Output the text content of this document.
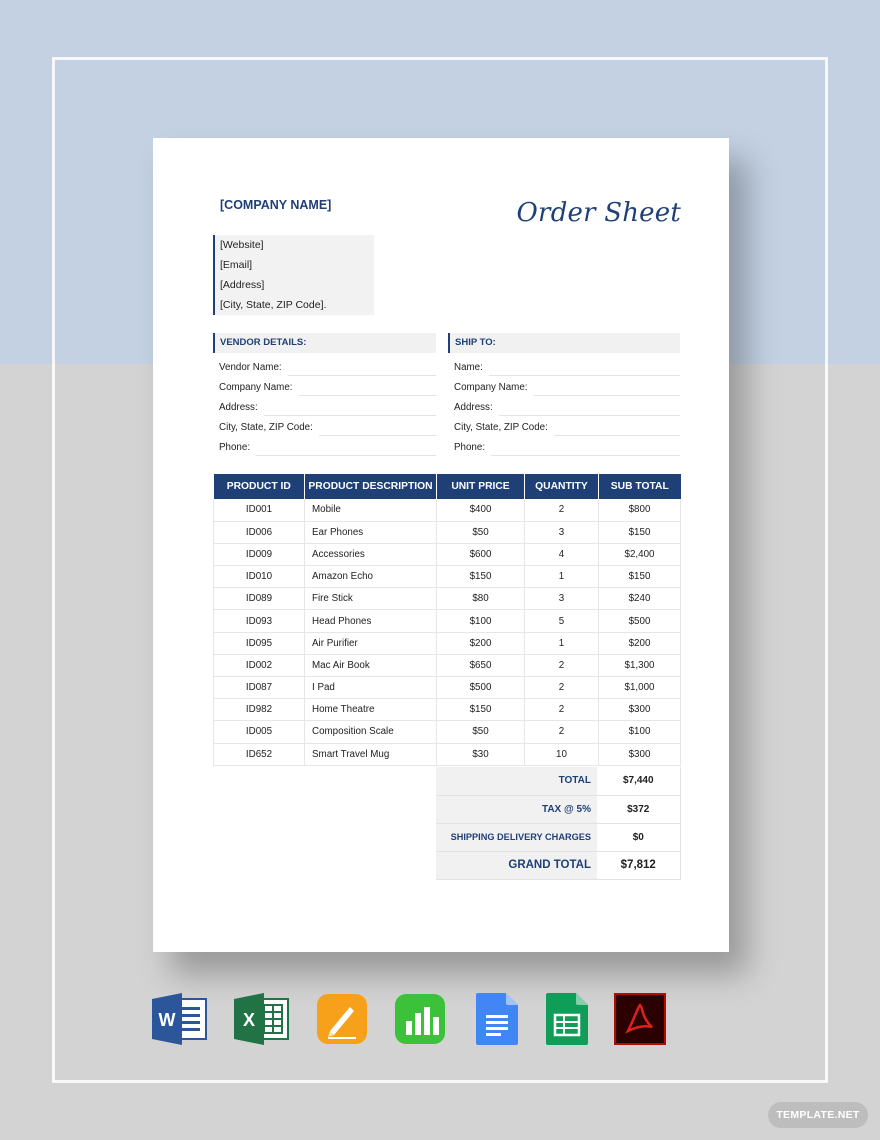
[COMPANY NAME]	Order Sheet
[Website]
[Email]
[Address]
[City, State, ZIP Code].
VENDOR DETAILS:
Vendor Name:
Company Name:
Address:
City, State, ZIP Code:
Phone:
SHIP TO:
Name:
Company Name:
Address:
City, State, ZIP Code:
Phone:
PRODUCT ID	PRODUCT DESCRIPTION	UNIT PRICE	QUANTITY	SUB TOTAL
ID001	Mobile	$400	2	$800
ID006	Ear Phones	$50	3	$150
ID009	Accessories	$600	4	$2,400
ID010	Amazon Echo	$150	1	$150
ID089	Fire Stick	$80	3	$240
ID093	Head Phones	$100	5	$500
ID095	Air Purifier	$200	1	$200
ID002	Mac Air Book	$650	2	$1,300
ID087	I Pad	$500	2	$1,000
ID982	Home Theatre	$150	2	$300
ID005	Composition Scale	$50	2	$100
ID652	Smart Travel Mug	$30	10	$300
TOTAL	$7,440
TAX @ 5%	$372
SHIPPING DELIVERY CHARGES	$0
GRAND TOTAL	$7,812
W	X
TEMPLATE.NET
